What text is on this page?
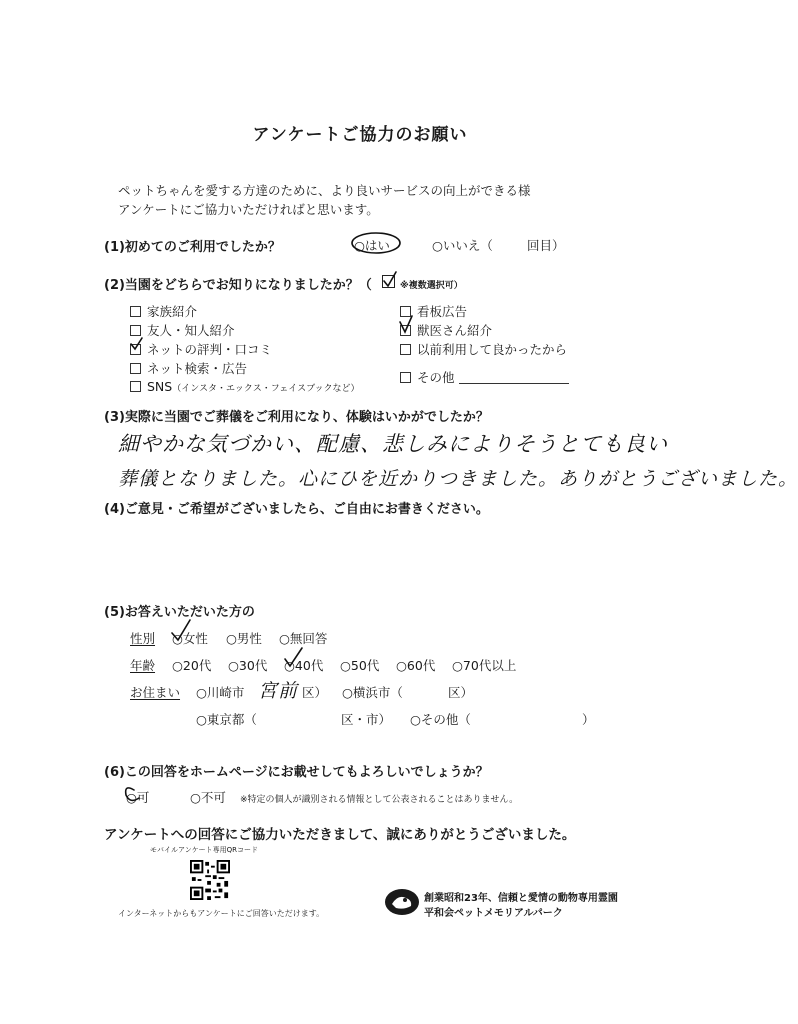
アンケートご協力のお願い
ペットちゃんを愛する方達のために、より良いサービスの向上ができる様
アンケートにご協力いただければと思います。
(1)初めてのご利用でしたか？	○はい	○いいえ（	回目）
(2)当園をどちらでお知りになりましたか？（	※複数選択可）
家族紹介
友人・知人紹介
ネットの評判・口コミ
ネット検索・広告
SNS（インスタ・エックス・フェイスブックなど）
看板広告
獣医さん紹介
以前利用して良かったから
その他
(3)実際に当園でご葬儀をご利用になり、体験はいかがでしたか？
細やかな気づかい、配慮、悲しみによりそうとても良い
葬儀となりました。心にひを近かりつきました。ありがとうございました。
(4)ご意見・ご希望がございましたら、ご自由にお書きください。
(5)お答えいただいた方の
性別 ○女性 ○男性 ○無回答
年齢 ○20代 ○30代 ○40代 ○50代 ○60代 ○70代以上
お住まい ○川崎市 宮前 区） ○横浜市（	区）
○東京都（	区・市） ○その他（	）
(6)この回答をホームページにお載せしてもよろしいでしょうか？
○可	○不可 ※特定の個人が識別される情報として公表されることはありません。
アンケートへの回答にご協力いただきまして、誠にありがとうございました。
モバイルアンケート専用QRコード
インターネットからもアンケートにご回答いただけます。
創業昭和23年、信頼と愛情の動物専用霊園
平和会ペットメモリアルパーク
